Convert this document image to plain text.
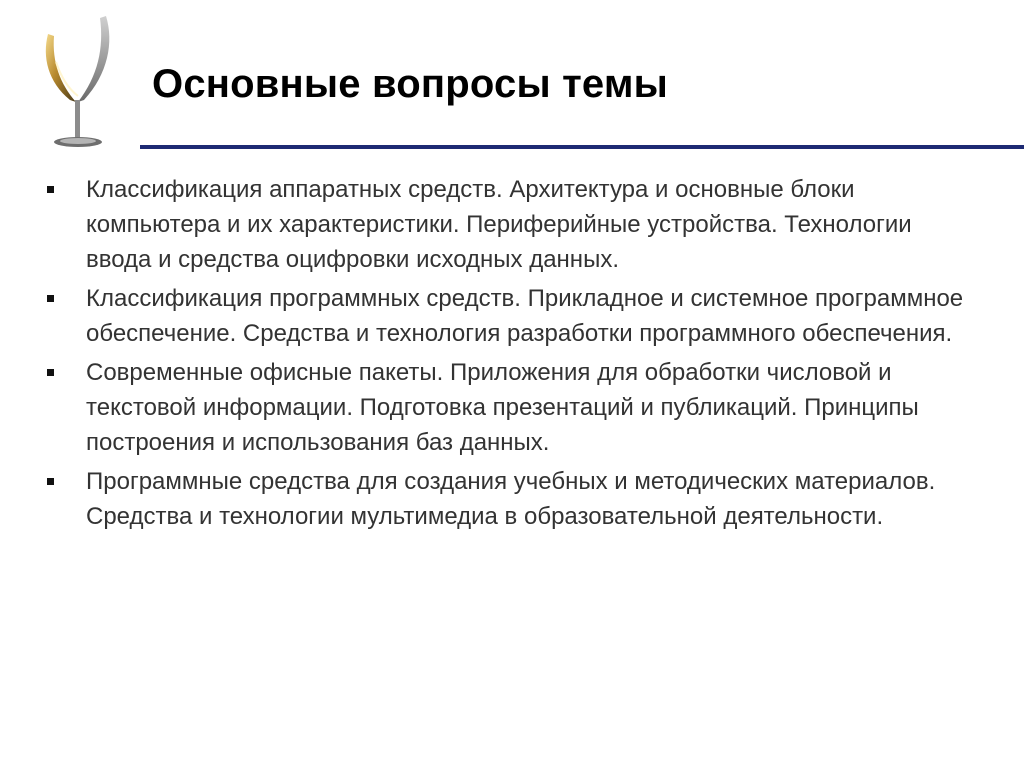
Основные вопросы темы
Классификация аппаратных средств. Архитектура и основные блоки компьютера и их характеристики. Периферийные устройства. Технологии ввода и средства оцифровки исходных данных.
Классификация программных средств. Прикладное и системное программное обеспечение. Средства и технология разработки программного обеспечения.
Современные офисные пакеты. Приложения для обработки числовой и текстовой информации. Подготовка презентаций и публикаций. Принципы построения и использования баз данных.
Программные средства для создания учебных и методических материалов. Средства и технологии мультимедиа в образовательной деятельности.
